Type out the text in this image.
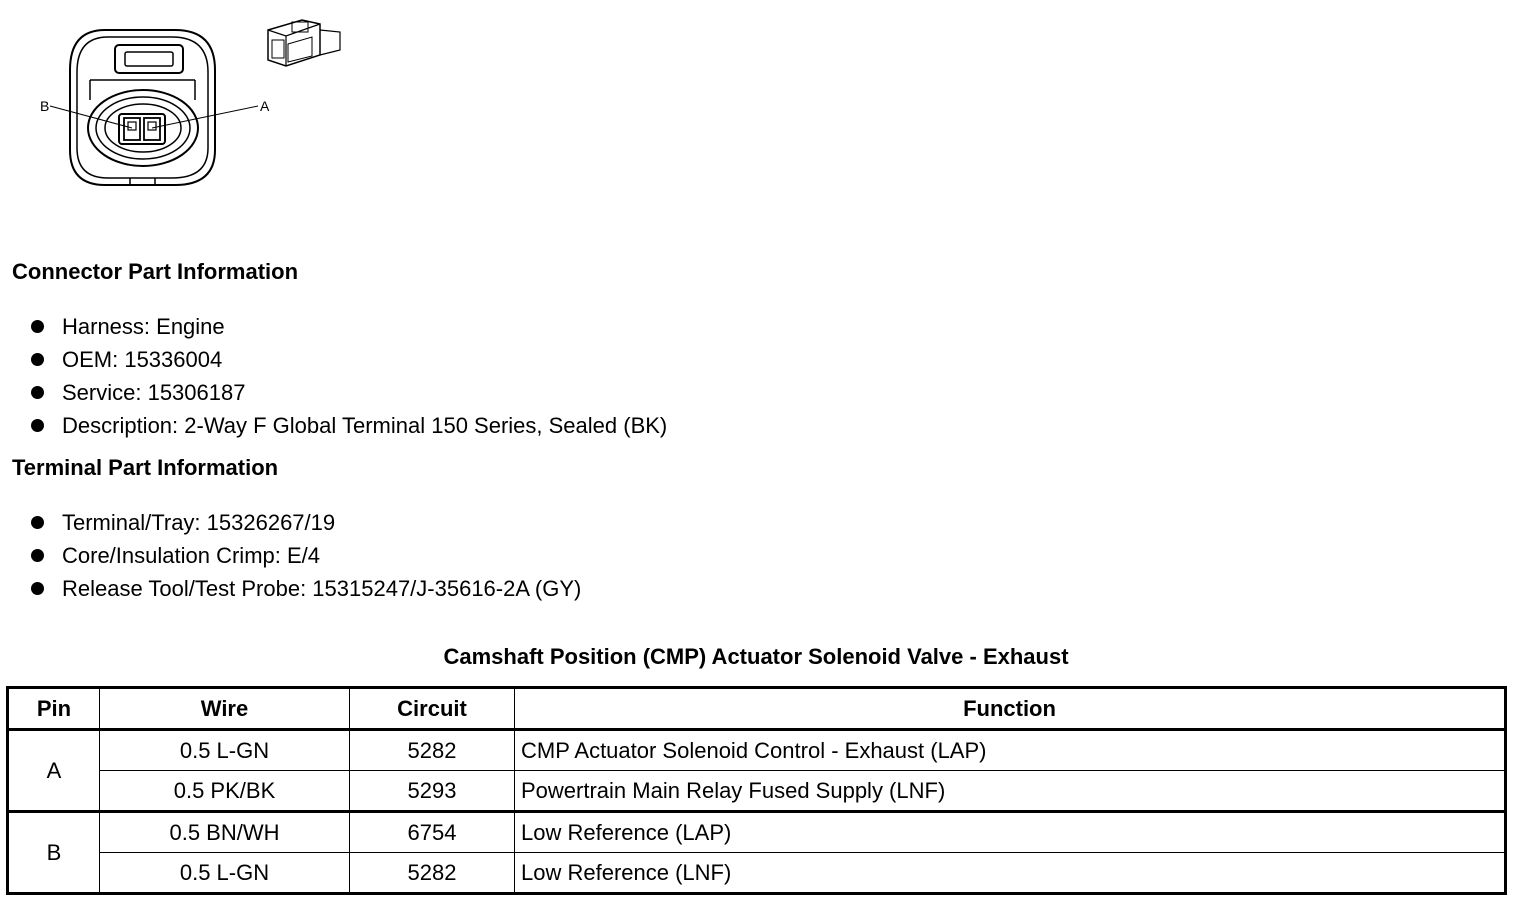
B	A
Connector Part Information
Harness: Engine
OEM: 15336004
Service: 15306187
Description: 2-Way F Global Terminal 150 Series, Sealed (BK)
Terminal Part Information
Terminal/Tray: 15326267/19
Core/Insulation Crimp: E/4
Release Tool/Test Probe: 15315247/J-35616-2A (GY)
Camshaft Position (CMP) Actuator Solenoid Valve - Exhaust
Pin	Wire	Circuit	Function
A	0.5 L-GN	5282	CMP Actuator Solenoid Control - Exhaust (LAP)
	0.5 PK/BK	5293	Powertrain Main Relay Fused Supply (LNF)
B	0.5 BN/WH	6754	Low Reference (LAP)
	0.5 L-GN	5282	Low Reference (LNF)
